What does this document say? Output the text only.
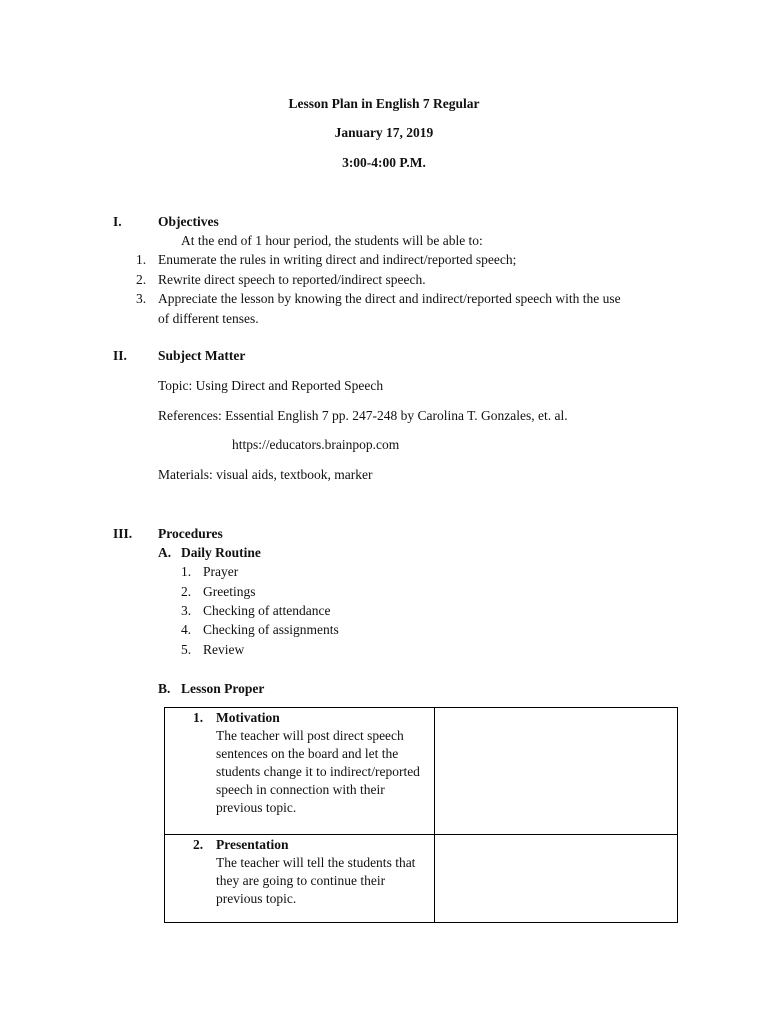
Lesson Plan in English 7 Regular
January 17, 2019
3:00-4:00 P.M.
I.	Objectives
At the end of 1 hour period, the students will be able to:
1. Enumerate the rules in writing direct and indirect/reported speech;
2. Rewrite direct speech to reported/indirect speech.
3. Appreciate the lesson by knowing the direct and indirect/reported speech with the use
of different tenses.
II. Subject Matter
Topic: Using Direct and Reported Speech
References: Essential English 7 pp. 247-248 by Carolina T. Gonzales, et. al.
https://educators.brainpop.com
Materials: visual aids, textbook, marker
III. Procedures
A. Daily Routine
1. Prayer
2. Greetings
3. Checking of attendance
4. Checking of assignments
5. Review
B. Lesson Proper
1. Motivation
The teacher will post direct speech sentences on the board and let the students change it to indirect/reported speech in connection with their previous topic.	

2. Presentation
The teacher will tell the students that they are going to continue their previous topic.	
